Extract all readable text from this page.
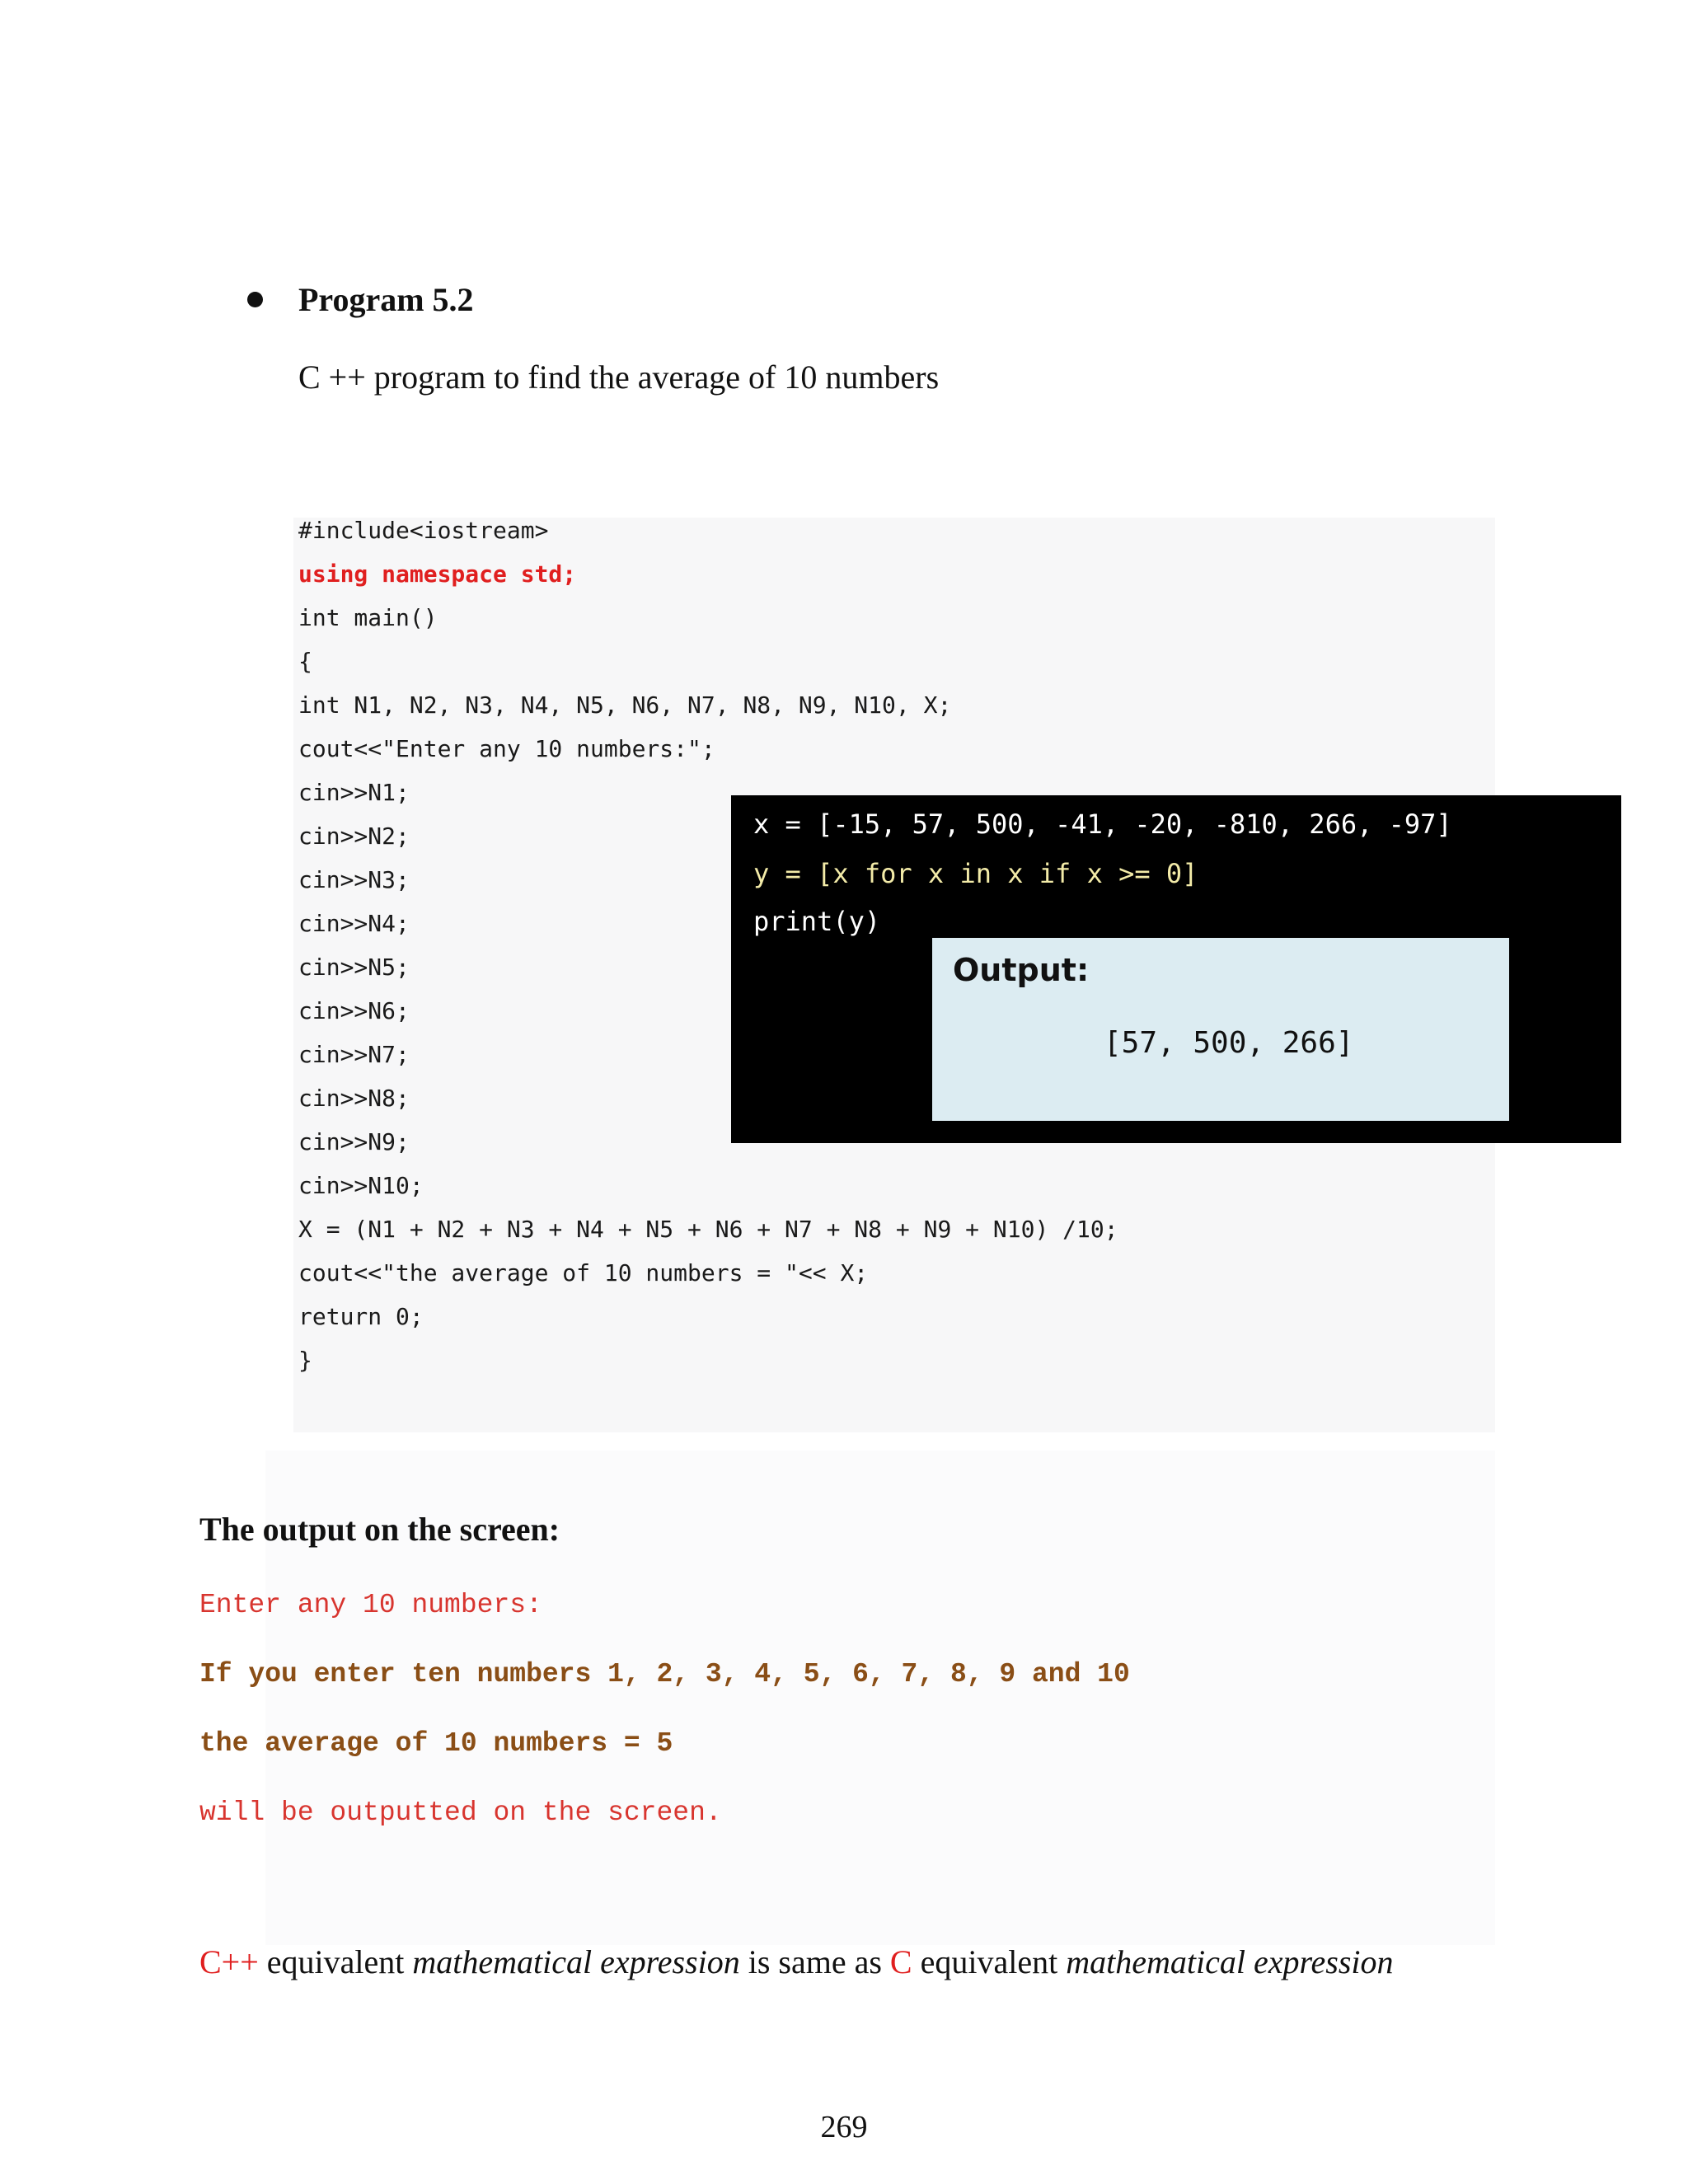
Program 5.2
C ++ program to find the average of 10 numbers
#include<iostream>
using namespace std;
int main()
{
int N1, N2, N3, N4, N5, N6, N7, N8, N9, N10, X;
cout<<"Enter any 10 numbers:";
cin>>N1;
cin>>N2;
cin>>N3;
cin>>N4;
cin>>N5;
cin>>N6;
cin>>N7;
cin>>N8;
cin>>N9;
cin>>N10;
X = (N1 + N2 + N3 + N4 + N5 + N6 + N7 + N8 + N9 + N10) /10;
cout<<"the average of 10 numbers = "<< X;
return 0;
}
x = [-15, 57, 500, -41, -20, -810, 266, -97]
y = [x for x in x if x >= 0]
print(y)
Output:
[57, 500, 266]
The output on the screen:
Enter any 10 numbers:
If you enter ten numbers 1, 2, 3, 4, 5, 6, 7, 8, 9 and 10
the average of 10 numbers = 5
will be outputted on the screen.
C++ equivalent mathematical expression is same as C equivalent mathematical expression
269
